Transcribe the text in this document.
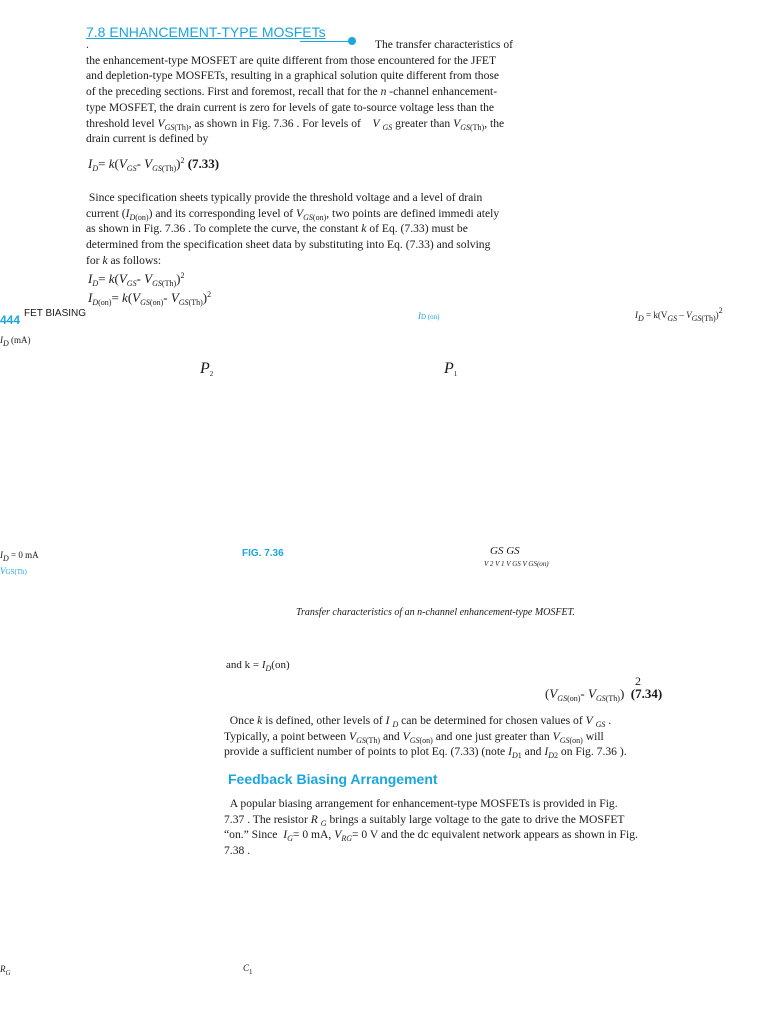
7.8 ENHANCEMENT-TYPE MOSFETs
.	The transfer characteristics of
the enhancement-type MOSFET are quite different from those encountered for the JFET
and depletion-type MOSFETs, resulting in a graphical solution quite different from those
of the preceding sections. First and foremost, recall that for the n -channel enhancement-
type MOSFET, the drain current is zero for levels of gate to-source voltage less than the
threshold level $V_{GS(Th)}$, as shown in Fig. 7.36 . For levels of V $_{GS}$ greater than $V_{GS(Th)}$, the
drain current is defined by
$I_D= k(V_{GS}-$ $V_{GS(Th)})^2$ (7.33)
Since specification sheets typically provide the threshold voltage and a level of drain
current $(I_{D(on)})$ and its corresponding level of $V_{GS(on)}$, two points are defined immedi ately
as shown in Fig. 7.36 . To complete the curve, the constant k of Eq. (7.33) must be
determined from the specification sheet data by substituting into Eq. (7.33) and solving
for k as follows:
$I_D= k(V_{GS}-$ $V_{GS(Th)})^2$
$I_{D(on)}= k(V_{GS(on)}-$ $V_{GS(Th)})^2$
444 FET BIASING	ID (on)	$I_D = k(V_{GS} - V_{GS(Th)})^2$
$I_D$ (mA)
$P_2$	$P_1$
$I_D = 0$ mA
VGS(Th)
FIG. 7.36	GS GS
V 2 V 1 V GS V GS(on)
Transfer characteristics of an n-channel enhancement-type MOSFET.
and $k = I_D(on)$
2
($V_{GS(on)}-$ $V_{GS(Th)}$)  (7.34)
Once k is defined, other levels of I $_D$ can be determined for chosen values of V $_{GS}$ .
Typically, a point between $V_{GS(Th)}$ and $V_{GS(on)}$ and one just greater than $V_{GS(on)}$ will
provide a sufficient number of points to plot Eq. (7.33) (note $I_{D1}$ and $I_{D2}$ on Fig. 7.36 ).
Feedback Biasing Arrangement
A popular biasing arrangement for enhancement-type MOSFETs is provided in Fig.
7.37 . The resistor R $_G$ brings a suitably large voltage to the gate to drive the MOSFET
“on.” Since $I_G= 0$ mA, $V_{RG}= 0$ V and the dc equivalent network appears as shown in Fig.
7.38 .
$R_G$	$C_1$
